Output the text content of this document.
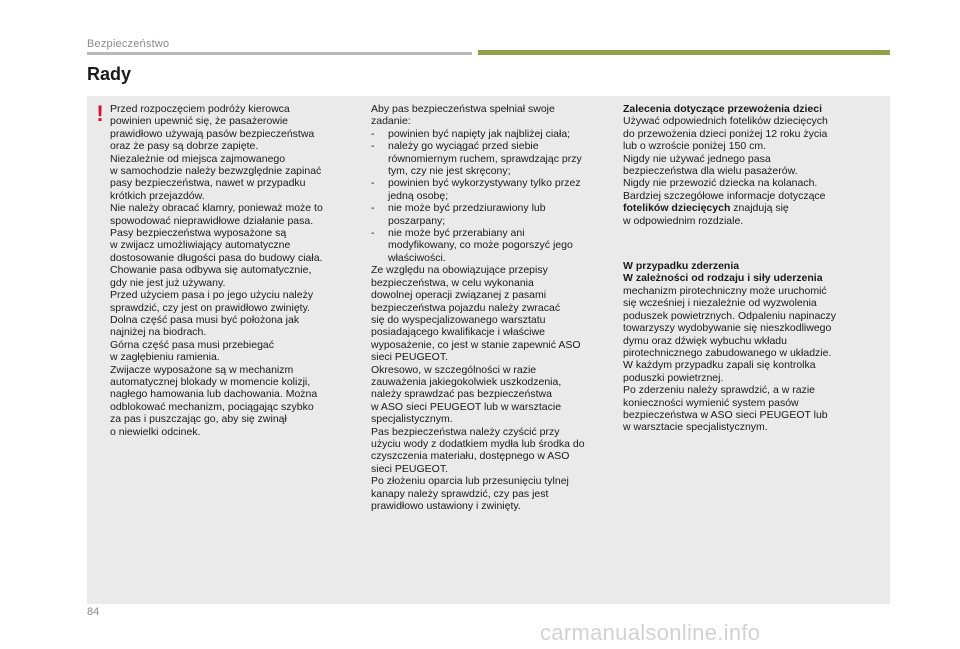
Bezpieczeństwo
Rady
! Przed rozpoczęciem podróży kierowca
powinien upewnić się, że pasażerowie
prawidłowo używają pasów bezpieczeństwa
oraz że pasy są dobrze zapięte.
Niezależnie od miejsca zajmowanego
w samochodzie należy bezwzględnie zapinać
pasy bezpieczeństwa, nawet w przypadku
krótkich przejazdów.
Nie należy obracać klamry, ponieważ może to
spowodować nieprawidłowe działanie pasa.
Pasy bezpieczeństwa wyposażone są
w zwijacz umożliwiający automatyczne
dostosowanie długości pasa do budowy ciała.
Chowanie pasa odbywa się automatycznie,
gdy nie jest już używany.
Przed użyciem pasa i po jego użyciu należy
sprawdzić, czy jest on prawidłowo zwinięty.
Dolna część pasa musi być położona jak
najniżej na biodrach.
Górna część pasa musi przebiegać
w zagłębieniu ramienia.
Zwijacze wyposażone są w mechanizm
automatycznej blokady w momencie kolizji,
nagłego hamowania lub dachowania. Można
odblokować mechanizm, pociągając szybko
za pas i puszczając go, aby się zwinął
o niewielki odcinek.

Aby pas bezpieczeństwa spełniał swoje
zadanie:

- powinien być napięty jak najbliżej ciała;

- należy go wyciągać przed siebie
równomiernym ruchem, sprawdzając przy
tym, czy nie jest skręcony;

- powinien być wykorzystywany tylko przez
jedną osobę;

- nie może być przedziurawiony lub
poszarpany;

- nie może być przerabiany ani
modyfikowany, co może pogorszyć jego
właściwości.

Ze względu na obowiązujące przepisy
bezpieczeństwa, w celu wykonania
dowolnej operacji związanej z pasami
bezpieczeństwa pojazdu należy zwracać
się do wyspecjalizowanego warsztatu
posiadającego kwalifikacje i właściwe
wyposażenie, co jest w stanie zapewnić ASO
sieci PEUGEOT.
Okresowo, w szczególności w razie
zauważenia jakiegokolwiek uszkodzenia,
należy sprawdzać pas bezpieczeństwa
w ASO sieci PEUGEOT lub w warsztacie
specjalistycznym.
Pas bezpieczeństwa należy czyścić przy
użyciu wody z dodatkiem mydła lub środka do
czyszczenia materiału, dostępnego w ASO
sieci PEUGEOT.
Po złożeniu oparcia lub przesunięciu tylnej
kanapy należy sprawdzić, czy pas jest
prawidłowo ustawiony i zwinięty.

Zalecenia dotyczące przewożenia dzieci

Używać odpowiednich fotelików dziecięcych
do przewożenia dzieci poniżej 12 roku życia
lub o wzroście poniżej 150 cm.
Nigdy nie używać jednego pasa
bezpieczeństwa dla wielu pasażerów.
Nigdy nie przewozić dziecka na kolanach.
Bardziej szczegółowe informacje dotyczące
fotelików dziecięcych znajdują się
w odpowiednim rozdziale.

W przypadku zderzenia
W zależności od rodzaju i siły uderzenia

mechanizm pirotechniczny może uruchomić
się wcześniej i niezależnie od wyzwolenia
poduszek powietrznych. Odpaleniu napinaczy
towarzyszy wydobywanie się nieszkodliwego
dymu oraz dźwięk wybuchu wkładu
pirotechnicznego zabudowanego w układzie.
W każdym przypadku zapali się kontrolka
poduszki powietrznej.
Po zderzeniu należy sprawdzić, a w razie
konieczności wymienić system pasów
bezpieczeństwa w ASO sieci PEUGEOT lub
w warsztacie specjalistycznym.

84
carmanualsonline.info
